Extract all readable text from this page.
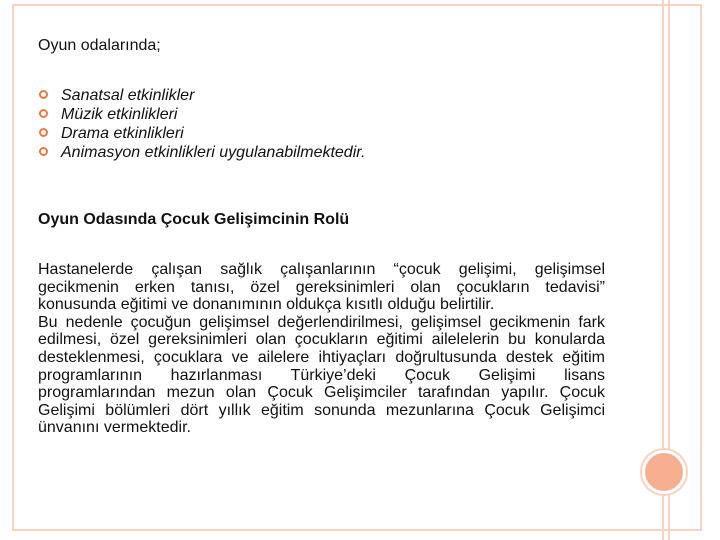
Oyun odalarında;
Sanatsal etkinlikler
Müzik etkinlikleri
Drama etkinlikleri
Animasyon etkinlikleri uygulanabilmektedir.
Oyun Odasında Çocuk Gelişimcinin Rolü

Hastanelerde çalışan sağlık çalışanlarının “çocuk gelişimi, gelişimsel gecikmenin erken tanısı, özel gereksinimleri olan çocukların tedavisi” konusunda eğitimi ve donanımının oldukça kısıtlı olduğu belirtilir.

Bu nedenle çocuğun gelişimsel değerlendirilmesi, gelişimsel gecikmenin fark edilmesi, özel gereksinimleri olan çocukların eğitimi ailelelerin bu konularda desteklenmesi, çocuklara ve ailelere ihtiyaçları doğrultusunda destek eğitim programlarının hazırlanması Türkiye’deki Çocuk Gelişimi lisans programlarından mezun olan Çocuk Gelişimciler tarafından yapılır. Çocuk Gelişimi bölümleri dört yıllık eğitim sonunda mezunlarına Çocuk Gelişimci ünvanını vermektedir.
